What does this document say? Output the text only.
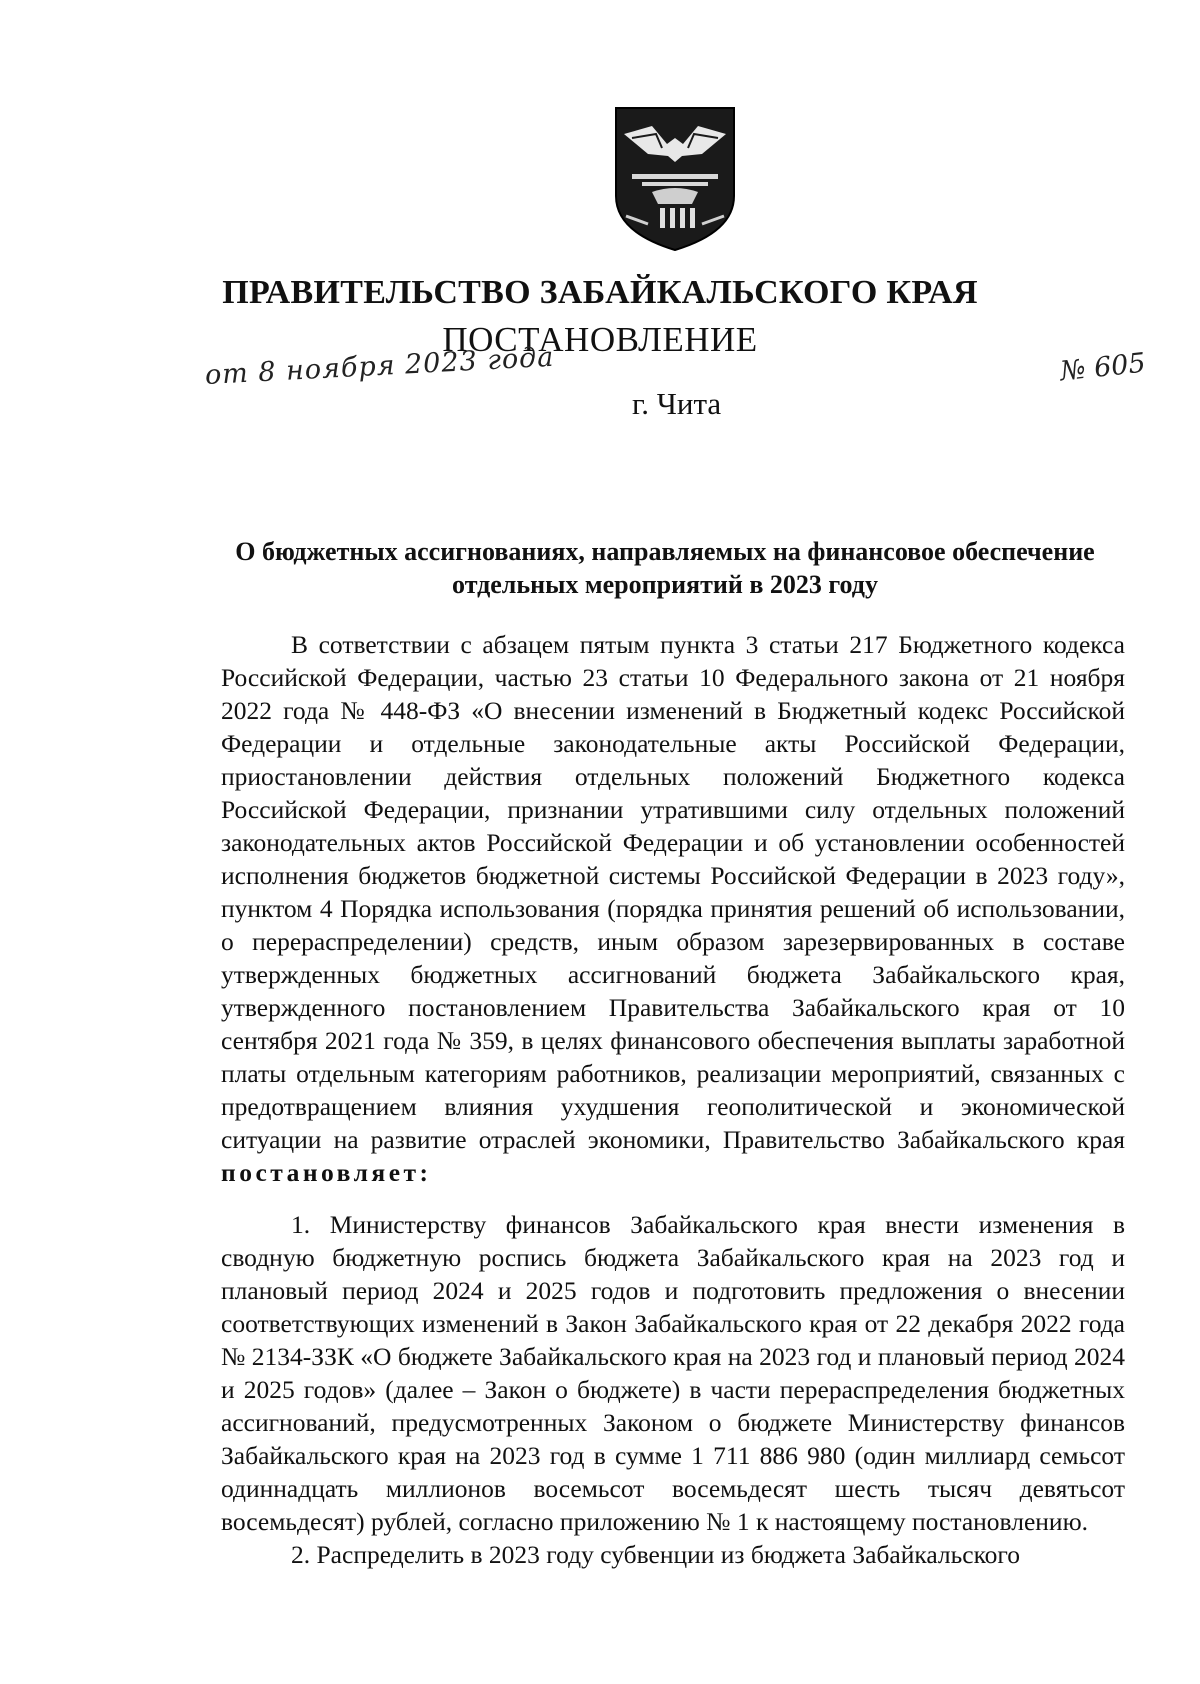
ПРАВИТЕЛЬСТВО ЗАБАЙКАЛЬСКОГО КРАЯ
ПОСТАНОВЛЕНИЕ
от 8 ноября 2023 года	№ 605
г. Чита
О бюджетных ассигнованиях, направляемых на финансовое обеспечение отдельных мероприятий в 2023 году

В сответствии с абзацем пятым пункта 3 статьи 217 Бюджетного кодекса Российской Федерации, частью 23 статьи 10 Федерального закона от 21 ноября 2022 года № 448-ФЗ «О внесении изменений в Бюджетный кодекс Российской Федерации и отдельные законодательные акты Российской Федерации, приостановлении действия отдельных положений Бюджетного кодекса Российской Федерации, признании утратившими силу отдельных положений законодательных актов Российской Федерации и об установлении особенностей исполнения бюджетов бюджетной системы Российской Федерации в 2023 году», пунктом 4 Порядка использования (порядка принятия решений об использовании, о перераспределении) средств, иным образом зарезервированных в составе утвержденных бюджетных ассигнований бюджета Забайкальского края, утвержденного постановлением Правительства Забайкальского края от 10 сентября 2021 года № 359, в целях финансового обеспечения выплаты заработной платы отдельным категориям работников, реализации мероприятий, связанных с предотвращением влияния ухудшения геополитической и экономической ситуации на развитие отраслей экономики, Правительство Забайкальского края постановляет:

1. Министерству финансов Забайкальского края внести изменения в сводную бюджетную роспись бюджета Забайкальского края на 2023 год и плановый период 2024 и 2025 годов и подготовить предложения о внесении соответствующих изменений в Закон Забайкальского края от 22 декабря 2022 года № 2134-ЗЗК «О бюджете Забайкальского края на 2023 год и плановый период 2024 и 2025 годов» (далее – Закон о бюджете) в части перераспределения бюджетных ассигнований, предусмотренных Законом о бюджете Министерству финансов Забайкальского края на 2023 год в сумме 1 711 886 980 (один миллиард семьсот одиннадцать миллионов восемьсот восемьдесят шесть тысяч девятьсот восемьдесят) рублей, согласно приложению № 1 к настоящему постановлению.

2. Распределить в 2023 году субвенции из бюджета Забайкальского
